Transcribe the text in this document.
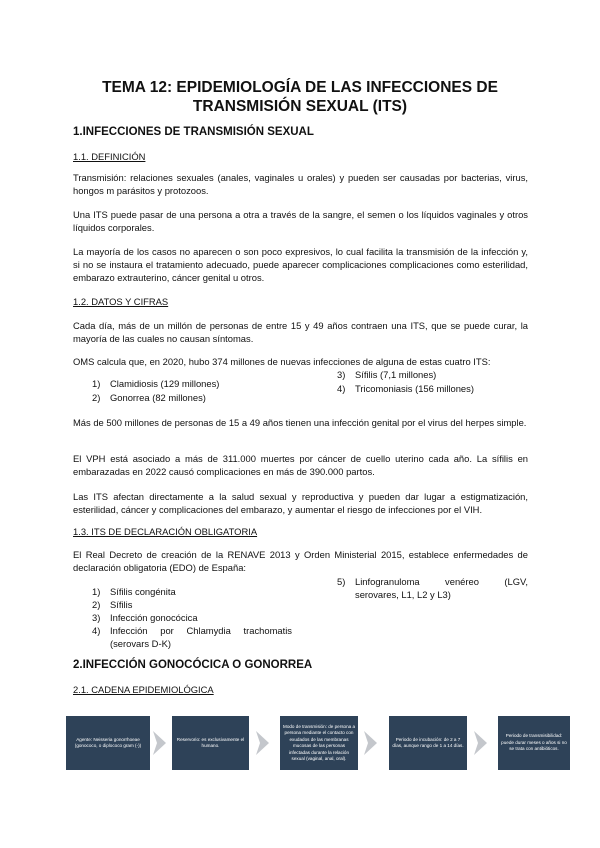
TEMA 12: EPIDEMIOLOGÍA DE LAS INFECCIONES DE
TRANSMISIÓN SEXUAL (ITS)
1.INFECCIONES DE TRANSMISIÓN SEXUAL
1.1. DEFINICIÓN

Transmisión: relaciones sexuales (anales, vaginales u orales) y pueden ser causadas por bacterias, virus, hongos m parásitos y protozoos.

Una ITS puede pasar de una persona a otra a través de la sangre, el semen o los líquidos vaginales y otros líquidos corporales.

La mayoría de los casos no aparecen o son poco expresivos, lo cual facilita la transmisión de la infección y, si no se instaura el tratamiento adecuado, puede aparecer complicaciones complicaciones como esterilidad, embarazo extrauterino, cáncer genital u otros.

1.2. DATOS Y CIFRAS

Cada día, más de un millón de personas de entre 15 y 49 años contraen una ITS, que se puede curar, la mayoría de las cuales no causan síntomas.

OMS calcula que, en 2020, hubo 374 millones de nuevas infecciones de alguna de estas cuatro ITS:

1) Clamidiosis (129 millones)
2) Gonorrea (82 millones)
3) Sífilis (7,1 millones)
4) Tricomoniasis (156 millones)

Más de 500 millones de personas de 15 a 49 años tienen una infección genital por el virus del herpes simple.

El VPH está asociado a más de 311.000 muertes por cáncer de cuello uterino cada año. La sífilis en embarazadas en 2022 causó complicaciones en más de 390.000 partos.

Las ITS afectan directamente a la salud sexual y reproductiva y pueden dar lugar a estigmatización, esterilidad, cáncer y complicaciones del embarazo, y aumentar el riesgo de infecciones por el VIH.

1.3. ITS DE DECLARACIÓN OBLIGATORIA

El Real Decreto de creación de la RENAVE 2013 y Orden Ministerial 2015, establece enfermedades de declaración obligatoria (EDO) de España:

1) Sífilis congénita
2) Sífilis
3) Infección gonocócica
4)	Infección por Chlamydia trachomatis (serovars D-K)
5)	Linfogranuloma venéreo (LGV, serovares, L1, L2 y L3)
2.INFECCIÓN GONOCÓCICA O GONORREA
2.1. CADENA EPIDEMIOLÓGICA
Agente: Neisseria gonorrhoeae (gonococo, o diplococo gram (-))
Reservorio: es exclusivamente el humano.
Modo de transmisión: de persona a persona mediante el contacto con exudados de las membranas mucosas de las personas infectadas durante la relación sexual (vaginal, anal, oral).
Periodo de incubación: de 2 a 7 días, aunque rango de 1 a 14 días.
Periodo de transmisibilidad: puede durar meses o años si no se trata con antibióticos.
